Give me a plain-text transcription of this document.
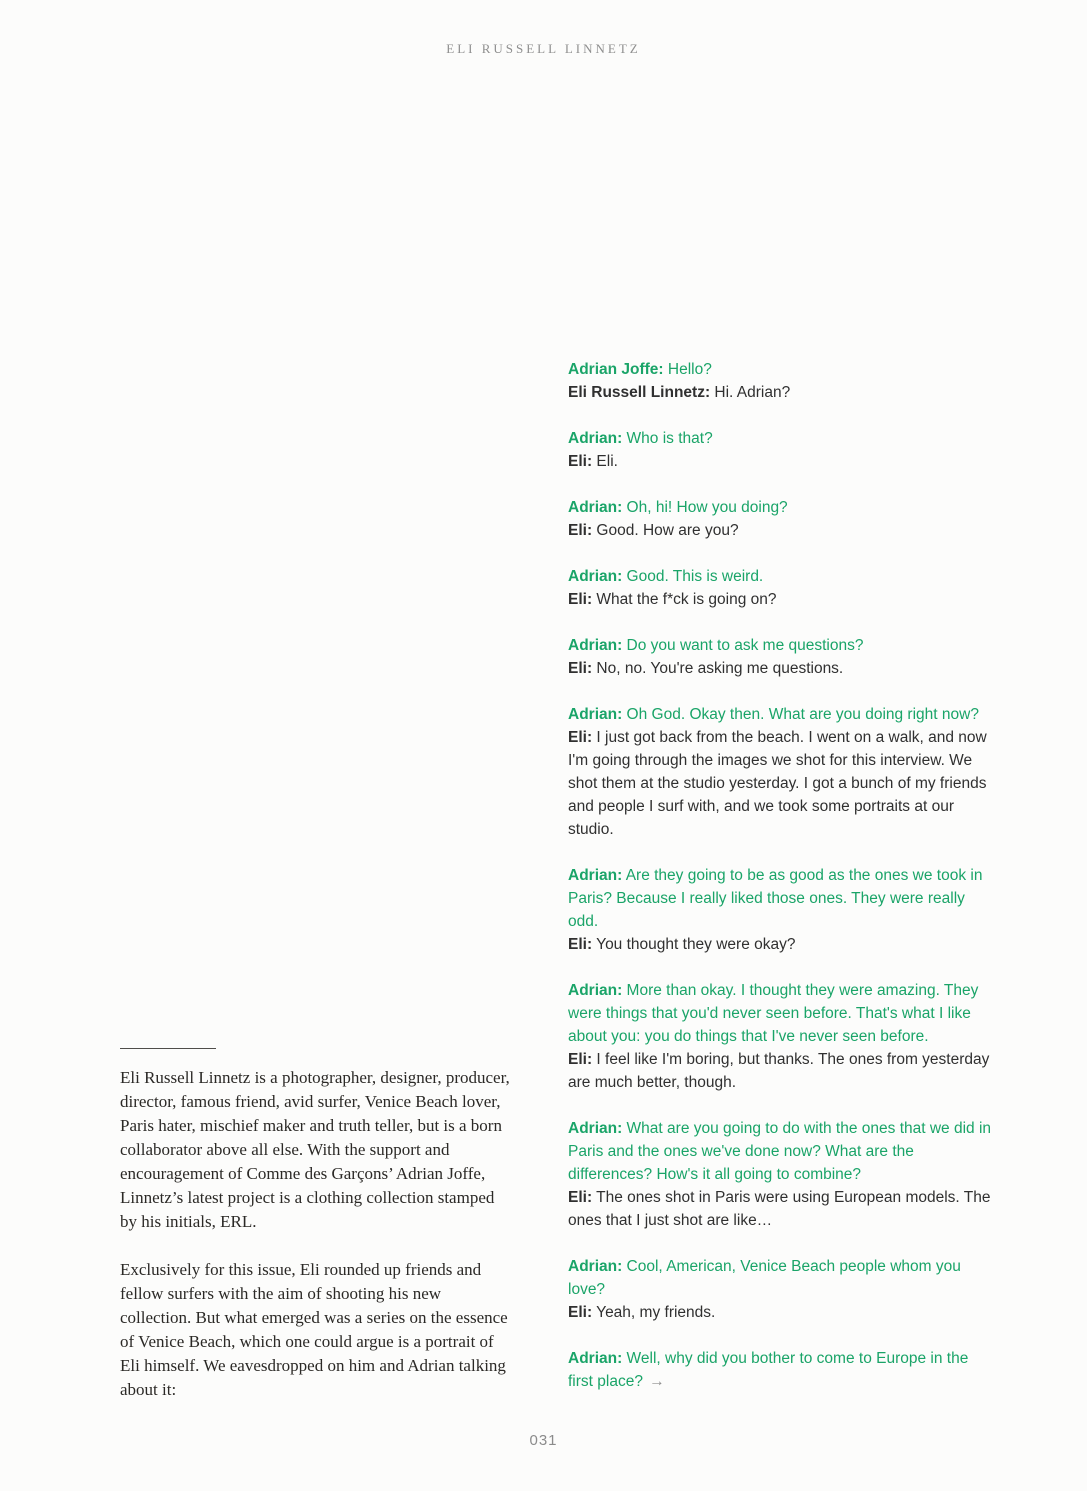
ELI RUSSELL LINNETZ

Eli Russell Linnetz is a photographer, designer, producer, director, famous friend, avid surfer, Venice Beach lover, Paris hater, mischief maker and truth teller, but is a born collaborator above all else. With the support and encouragement of Comme des Garçons’ Adrian Joffe, Linnetz’s latest project is a clothing collection stamped by his initials, ERL.

Exclusively for this issue, Eli rounded up friends and fellow surfers with the aim of shooting his new collection. But what emerged was a series on the essence of Venice Beach, which one could argue is a portrait of Eli himself. We eavesdropped on him and Adrian talking about it:

Adrian Joffe: Hello?

Eli Russell Linnetz: Hi. Adrian?

Adrian: Who is that?

Eli: Eli.

Adrian: Oh, hi! How you doing?

Eli: Good. How are you?

Adrian: Good. This is weird.

Eli: What the f*ck is going on?

Adrian: Do you want to ask me questions?

Eli: No, no. You're asking me questions.

Adrian: Oh God. Okay then. What are you doing right now?

Eli: I just got back from the beach. I went on a walk, and now I'm going through the images we shot for this interview. We shot them at the studio yesterday. I got a bunch of my friends and people I surf with, and we took some portraits at our studio.

Adrian: Are they going to be as good as the ones we took in Paris? Because I really liked those ones. They were really odd.

Eli: You thought they were okay?

Adrian: More than okay. I thought they were amazing. They were things that you'd never seen before. That's what I like about you: you do things that I've never seen before.

Eli: I feel like I'm boring, but thanks. The ones from yesterday are much better, though.

Adrian: What are you going to do with the ones that we did in Paris and the ones we've done now? What are the differences? How's it all going to combine?

Eli: The ones shot in Paris were using European models. The ones that I just shot are like…

Adrian: Cool, American, Venice Beach people whom you love?

Eli: Yeah, my friends.

Adrian: Well, why did you bother to come to Europe in the first place? →

031
